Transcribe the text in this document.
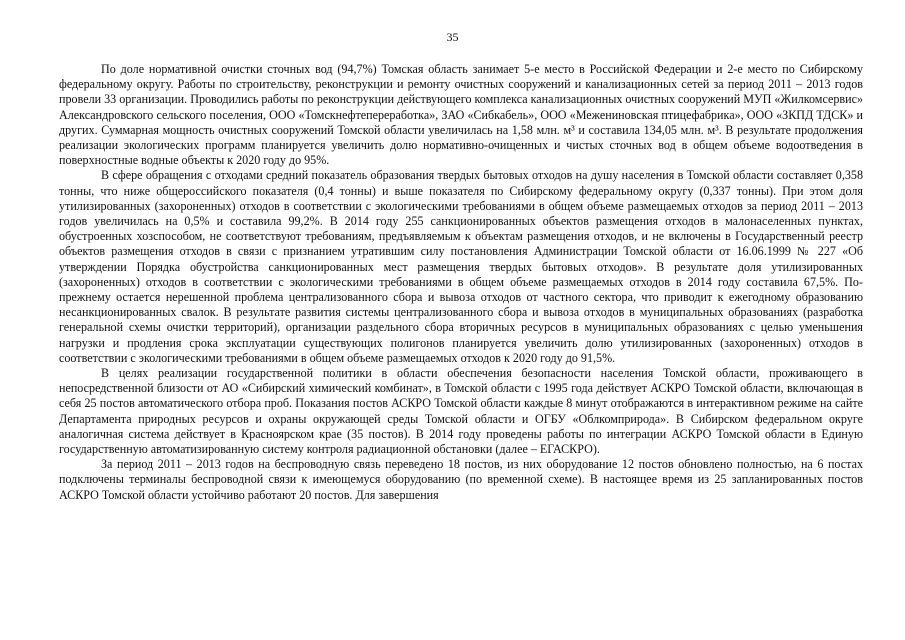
35

По доле нормативной очистки сточных вод (94,7%) Томская область занимает 5-е место в Российской Федерации и 2-е место по Сибирскому федеральному округу. Работы по строительству, реконструкции и ремонту очистных сооружений и канализационных сетей за период 2011 – 2013 годов провели 33 организации. Проводились работы по реконструкции действующего комплекса канализационных очистных сооружений МУП «Жилкомсервис» Александровского сельского поселения, ООО «Томскнефтепереработка», ЗАО «Сибкабель», ООО «Межениновская птицефабрика», ООО «ЗКПД ТДСК» и других. Суммарная мощность очистных сооружений Томской области увеличилась на 1,58 млн. м³ и составила 134,05 млн. м³. В результате продолжения реализации экологических программ планируется увеличить долю нормативно-очищенных и чистых сточных вод в общем объеме водоотведения в поверхностные водные объекты к 2020 году до 95%.

В сфере обращения с отходами средний показатель образования твердых бытовых отходов на душу населения в Томской области составляет 0,358 тонны, что ниже общероссийского показателя (0,4 тонны) и выше показателя по Сибирскому федеральному округу (0,337 тонны). При этом доля утилизированных (захороненных) отходов в соответствии с экологическими требованиями в общем объеме размещаемых отходов за период 2011 – 2013 годов увеличилась на 0,5% и составила 99,2%. В 2014 году 255 санкционированных объектов размещения отходов в малонаселенных пунктах, обустроенных хозспособом, не соответствуют требованиям, предъявляемым к объектам размещения отходов, и не включены в Государственный реестр объектов размещения отходов в связи с признанием утратившим силу постановления Администрации Томской области от 16.06.1999 № 227 «Об утверждении Порядка обустройства санкционированных мест размещения твердых бытовых отходов». В результате доля утилизированных (захороненных) отходов в соответствии с экологическими требованиями в общем объеме размещаемых отходов в 2014 году составила 67,5%. По-прежнему остается нерешенной проблема централизованного сбора и вывоза отходов от частного сектора, что приводит к ежегодному образованию несанкционированных свалок. В результате развития системы централизованного сбора и вывоза отходов в муниципальных образованиях (разработка генеральной схемы очистки территорий), организации раздельного сбора вторичных ресурсов в муниципальных образованиях с целью уменьшения нагрузки и продления срока эксплуатации существующих полигонов планируется увеличить долю утилизированных (захороненных) отходов в соответствии с экологическими требованиями в общем объеме размещаемых отходов к 2020 году до 91,5%.

В целях реализации государственной политики в области обеспечения безопасности населения Томской области, проживающего в непосредственной близости от АО «Сибирский химический комбинат», в Томской области с 1995 года действует АСКРО Томской области, включающая в себя 25 постов автоматического отбора проб. Показания постов АСКРО Томской области каждые 8 минут отображаются в интерактивном режиме на сайте Департамента природных ресурсов и охраны окружающей среды Томской области и ОГБУ «Облкомприрода». В Сибирском федеральном округе аналогичная система действует в Красноярском крае (35 постов). В 2014 году проведены работы по интеграции АСКРО Томской области в Единую государственную автоматизированную систему контроля радиационной обстановки (далее – ЕГАСКРО).

За период 2011 – 2013 годов на беспроводную связь переведено 18 постов, из них оборудование 12 постов обновлено полностью, на 6 постах подключены терминалы беспроводной связи к имеющемуся оборудованию (по временной схеме). В настоящее время из 25 запланированных постов АСКРО Томской области устойчиво работают 20 постов. Для завершения
